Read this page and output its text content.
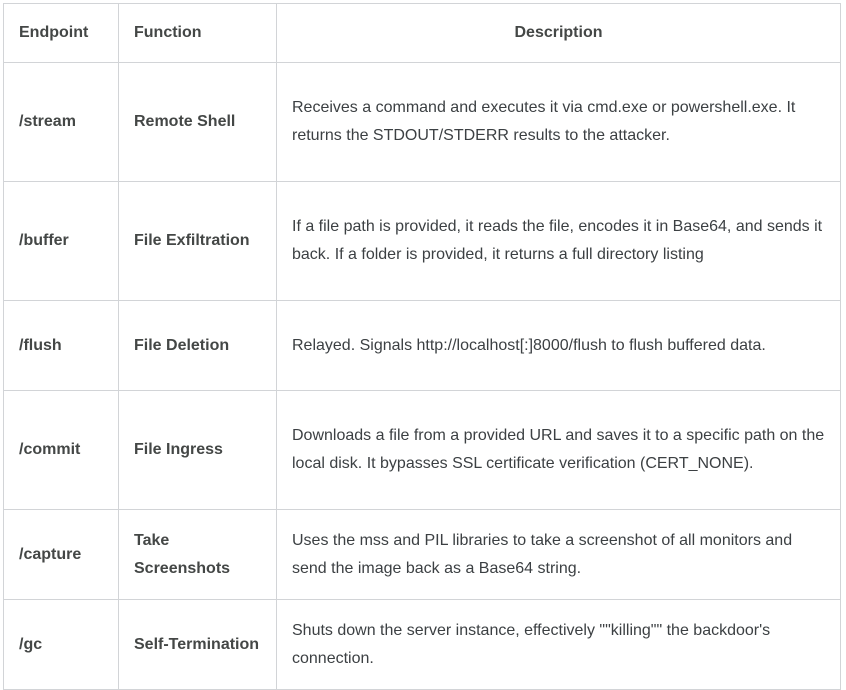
Endpoint	Function	Description
/stream	Remote Shell	Receives a command and executes it via cmd.exe or powershell.exe. It returns the STDOUT/STDERR results to the attacker.
/buffer	File Exfiltration	If a file path is provided, it reads the file, encodes it in Base64, and sends it back. If a folder is provided, it returns a full directory listing
/flush	File Deletion	Relayed. Signals http://localhost[:]8000/flush to flush buffered data.
/commit	File Ingress	Downloads a file from a provided URL and saves it to a specific path on the local disk. It bypasses SSL certificate verification (CERT_NONE).
/capture	Take Screenshots	Uses the mss and PIL libraries to take a screenshot of all monitors and send the image back as a Base64 string.
/gc	Self-Termination	Shuts down the server instance, effectively ""killing"" the backdoor's connection.
